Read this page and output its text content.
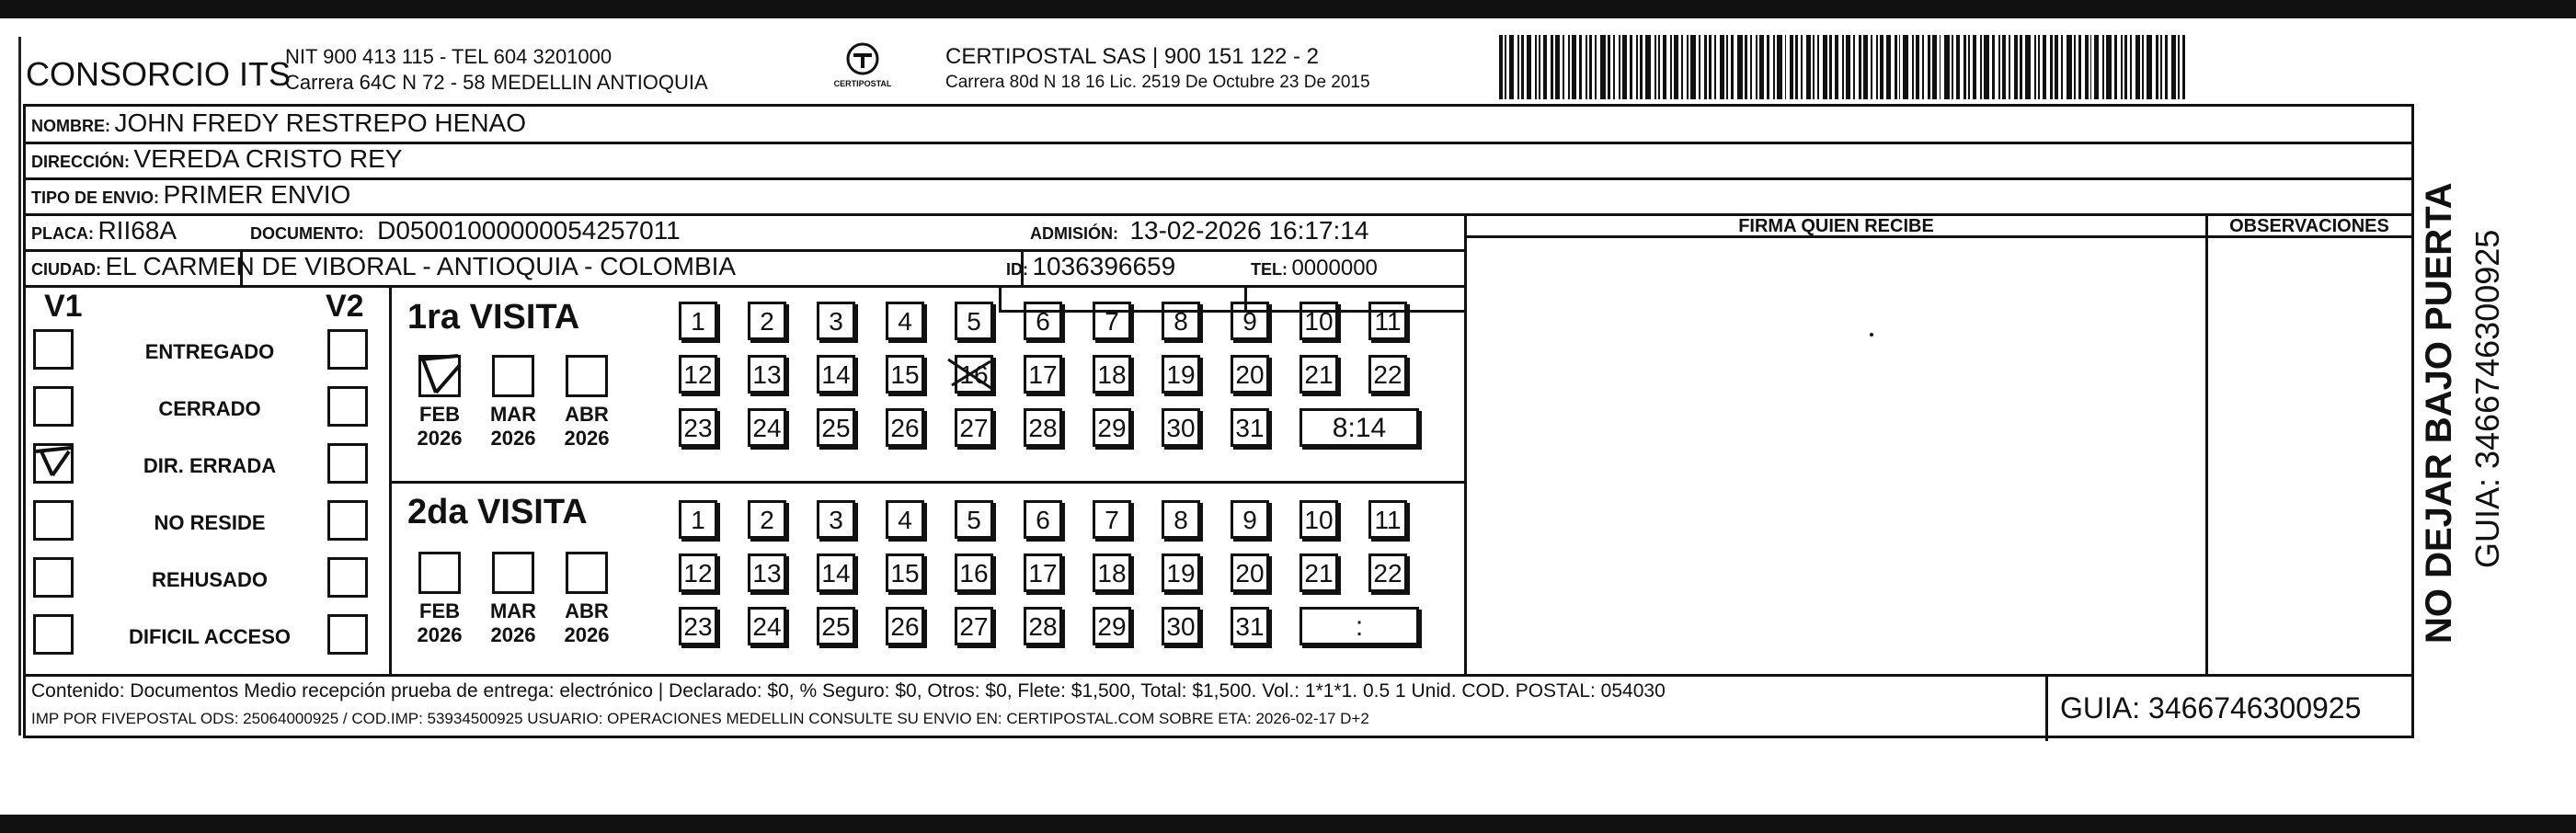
CONSORCIO ITS
NIT 900 413 115 - TEL 604 3201000
Carrera 64C N 72 - 58 MEDELLIN ANTIOQUIA	CERTIPOSTAL
CERTIPOSTAL SAS | 900 151 122 - 2
Carrera 80d N 18 16 Lic. 2519 De Octubre 23 De 2015
NOMBRE: JOHN FREDY RESTREPO HENAO
DIRECCIÓN: VEREDA CRISTO REY
TIPO DE ENVIO: PRIMER ENVIO
PLACA: RII68A	DOCUMENTO: D05001000000054257011	ADMISIÓN: 13-02-2026 16:17:14
CIUDAD: EL CARMEN DE VIBORAL - ANTIOQUIA - COLOMBIA	ID: 1036396659	TEL: 0000000
FIRMA QUIEN RECIBE	OBSERVACIONES
V1	V2
ENTREGADO
CERRADO
DIR. ERRADA
NO RESIDE
REHUSADO
DIFICIL ACCESO
1ra VISITA
2da VISITA
FEB
2026
MAR
2026
ABR
2026
FEB
2026
MAR
2026
ABR
2026
1	2	3	4	5	6	7	8	9	10 11
12 13 14 15 16 17 18 19 20 21 22
23 24 25 26 27 28 29 30 31	8:14
1	2	3	4	5	6	7	8	9	10 11
12 13 14 15 16 17 18 19 20 21 22
23 24 25 26 27 28 29 30 31	:
Contenido: Documentos Medio recepción prueba de entrega: electrónico | Declarado: $0, % Seguro: $0, Otros: $0, Flete: $1,500, Total: $1,500. Vol.: 1*1*1. 0.5 1 Unid. COD. POSTAL: 054030
IMP POR FIVEPOSTAL ODS: 25064000925 / COD.IMP: 53934500925 USUARIO: OPERACIONES MEDELLIN CONSULTE SU ENVIO EN: CERTIPOSTAL.COM SOBRE ETA: 2026-02-17 D+2	GUIA: 3466746300925
NO DEJAR BAJO PUERTA GUIA: 3466746300925
